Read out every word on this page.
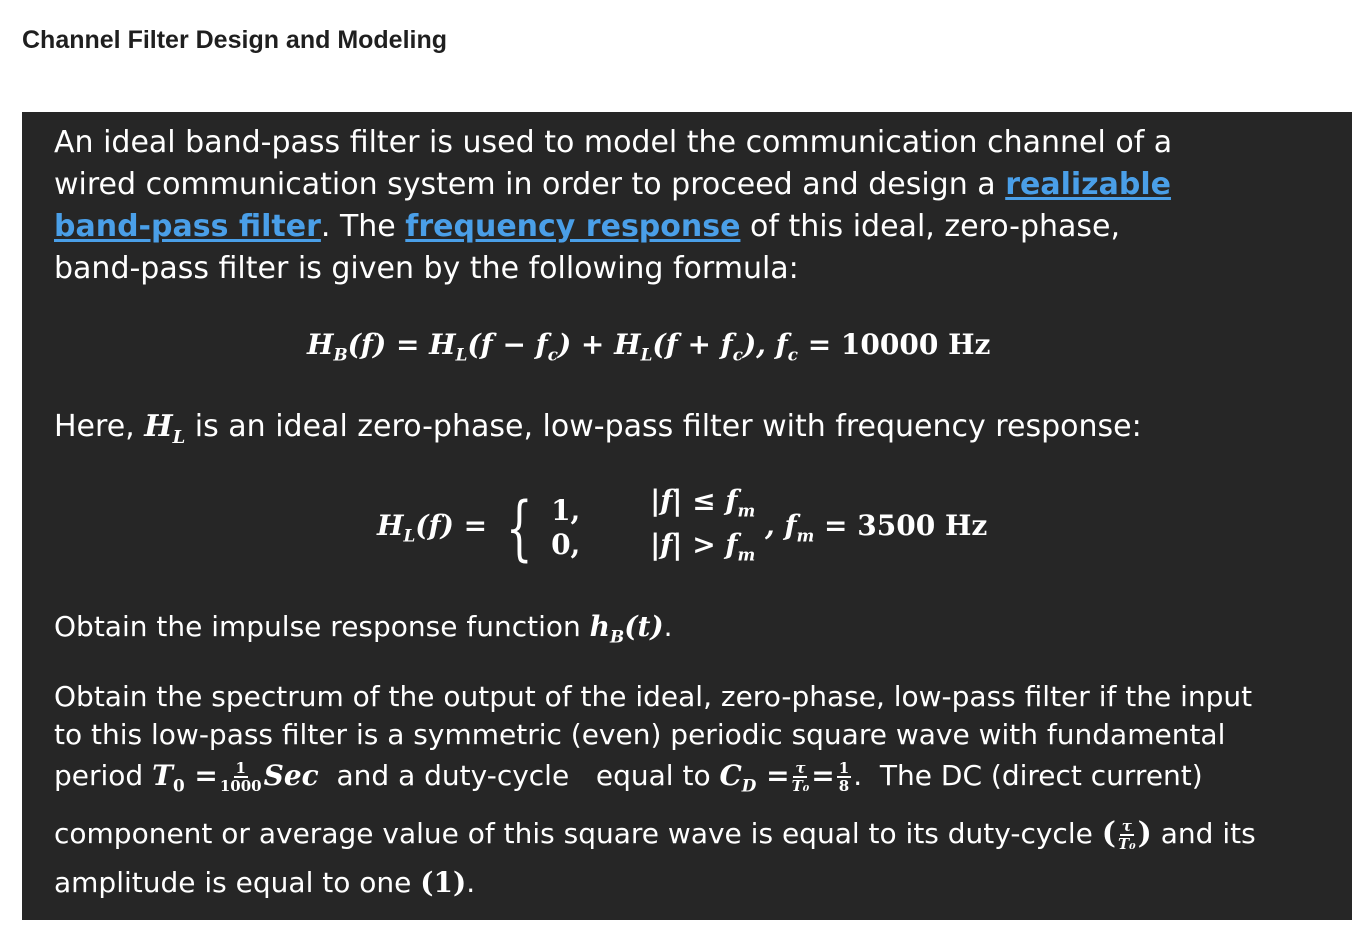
Channel Filter Design and Modeling
An ideal band-pass filter is used to model the communication channel of a
wired communication system in order to proceed and design a realizable
band-pass filter. The frequency response of this ideal, zero-phase,
band-pass filter is given by the following formula:
$H_B(f) = H_L(f - f_c) + H_L(f + f_c)$, $f_c = 10000$ Hz
Here, $H_L$ is an ideal zero-phase, low-pass filter with frequency response:
$H_L(f)$ = { 1,
0,

$|f| \le f_m$
$|f| > f_m$
, $f_m = 3500$ Hz
Obtain the impulse response function $h_B(t)$.
Obtain the spectrum of the output of the ideal, zero-phase, low-pass filter if the input
to this low-pass filter is a symmetric (even) periodic square wave with fundamental
period $T_0 = \frac{1}{1000}$ Sec  and a duty-cycle   equal to $C_D = \frac{\tau}{\text{T₀}} = \frac{1}{8}$ .  The DC (direct current)
component or average value of this square wave is equal to its duty-cycle ( $\frac{\tau}{\text{T₀}}$ ) and its
amplitude is equal to one (1).
